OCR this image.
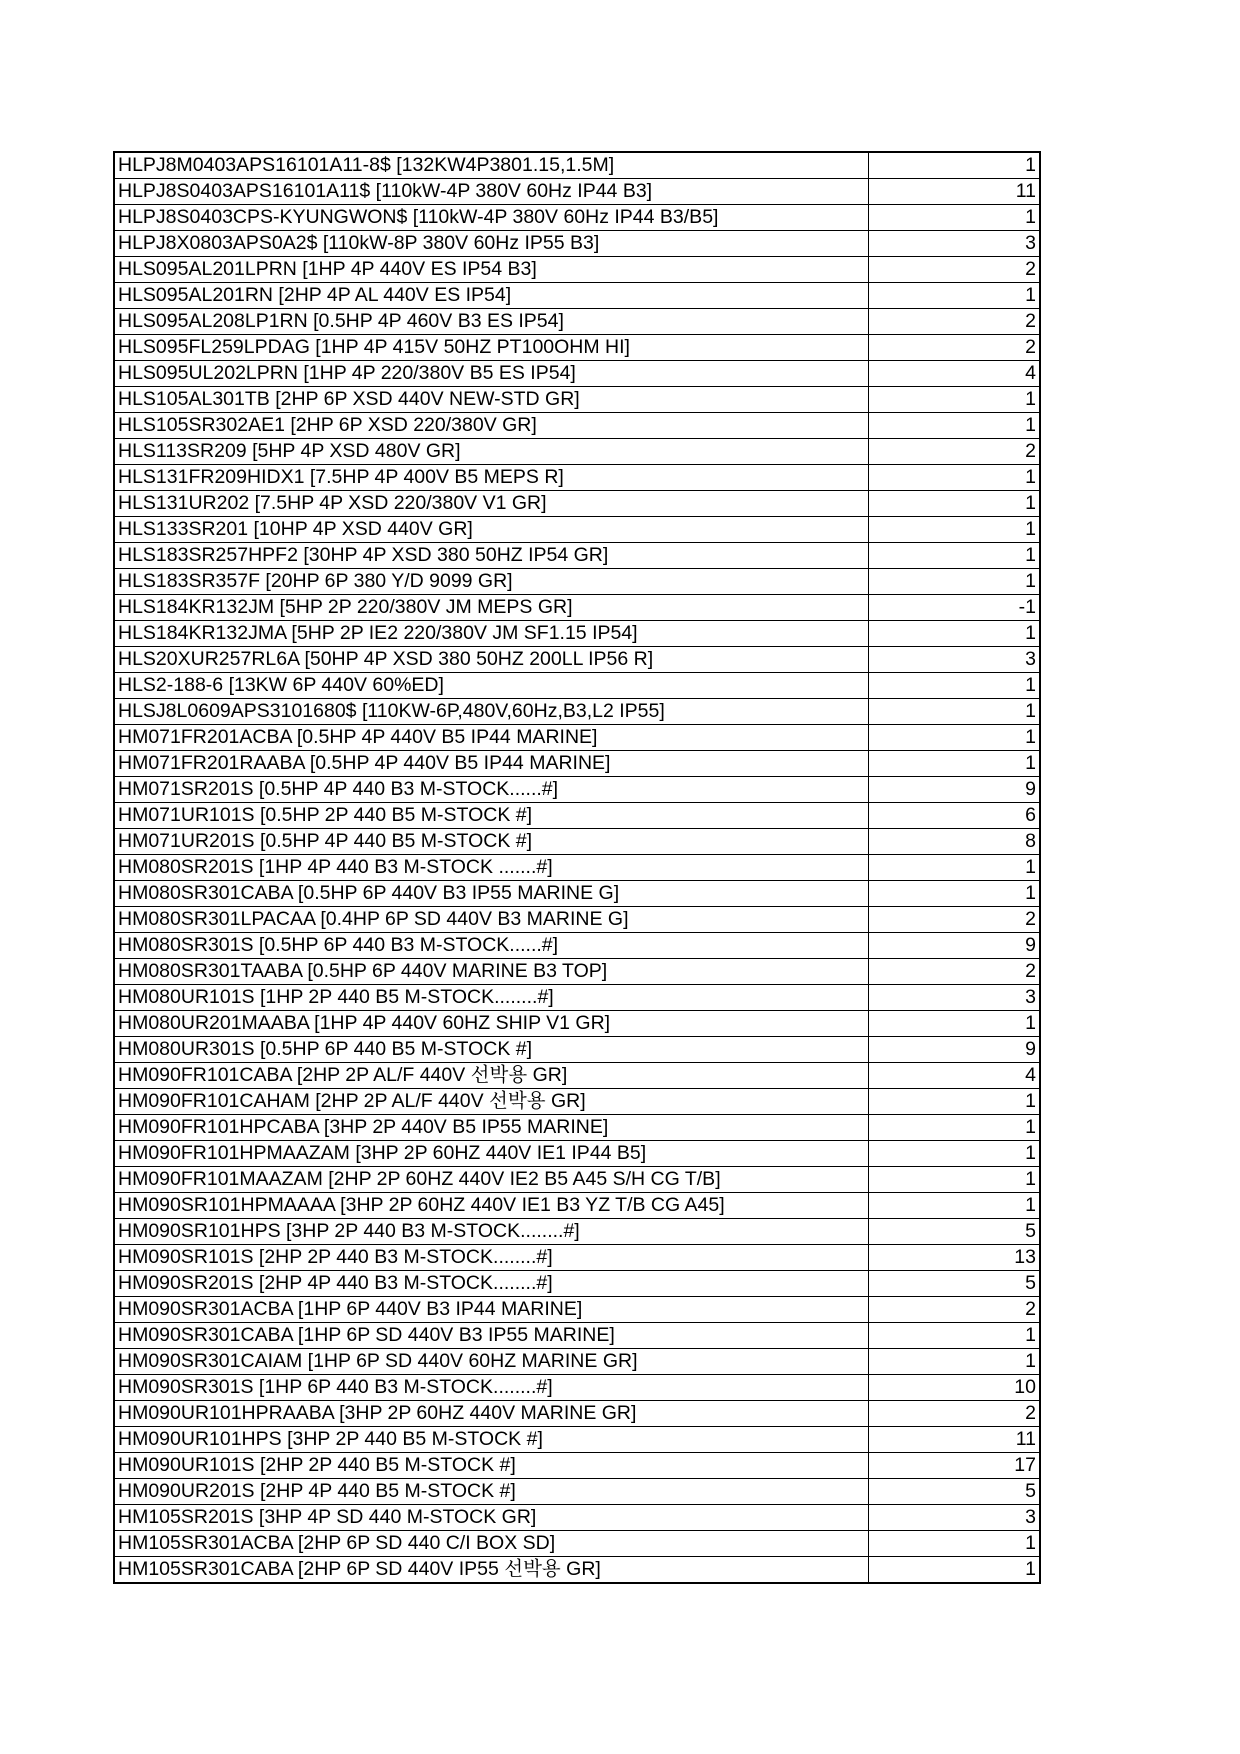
HLPJ8M0403APS16101A11-8$ [132KW4P3801.15,1.5M]	1
HLPJ8S0403APS16101A11$ [110kW-4P 380V 60Hz IP44 B3]	11
HLPJ8S0403CPS-KYUNGWON$ [110kW-4P 380V 60Hz IP44 B3/B5]	1
HLPJ8X0803APS0A2$ [110kW-8P 380V 60Hz IP55 B3]	3
HLS095AL201LPRN [1HP 4P 440V ES IP54 B3]	2
HLS095AL201RN [2HP 4P AL 440V ES IP54]	1
HLS095AL208LP1RN [0.5HP 4P 460V B3 ES IP54]	2
HLS095FL259LPDAG [1HP 4P 415V 50HZ PT100OHM HI]	2
HLS095UL202LPRN [1HP 4P 220/380V B5 ES IP54]	4
HLS105AL301TB [2HP 6P XSD 440V NEW-STD GR]	1
HLS105SR302AE1 [2HP 6P XSD 220/380V GR]	1
HLS113SR209 [5HP 4P XSD 480V GR]	2
HLS131FR209HIDX1 [7.5HP 4P 400V B5 MEPS R]	1
HLS131UR202 [7.5HP 4P XSD 220/380V V1 GR]	1
HLS133SR201 [10HP 4P XSD 440V GR]	1
HLS183SR257HPF2 [30HP 4P XSD 380 50HZ IP54 GR]	1
HLS183SR357F [20HP 6P 380 Y/D 9099 GR]	1
HLS184KR132JM [5HP 2P 220/380V JM MEPS GR]	-1
HLS184KR132JMA [5HP 2P IE2 220/380V JM SF1.15 IP54]	1
HLS20XUR257RL6A [50HP 4P XSD 380 50HZ 200LL IP56 R]	3
HLS2-188-6 [13KW 6P 440V 60%ED]	1
HLSJ8L0609APS3101680$ [110KW-6P,480V,60Hz,B3,L2 IP55]	1
HM071FR201ACBA [0.5HP 4P 440V B5 IP44 MARINE]	1
HM071FR201RAABA [0.5HP 4P 440V B5 IP44 MARINE]	1
HM071SR201S [0.5HP 4P 440 B3 M-STOCK......#]	9
HM071UR101S [0.5HP 2P 440 B5 M-STOCK #]	6
HM071UR201S [0.5HP 4P 440 B5 M-STOCK #]	8
HM080SR201S [1HP 4P 440 B3 M-STOCK .......#]	1
HM080SR301CABA [0.5HP 6P 440V B3 IP55 MARINE G]	1
HM080SR301LPACAA [0.4HP 6P SD 440V B3 MARINE G]	2
HM080SR301S [0.5HP 6P 440 B3 M-STOCK......#]	9
HM080SR301TAABA [0.5HP 6P 440V MARINE B3 TOP]	2
HM080UR101S [1HP 2P 440 B5 M-STOCK........#]	3
HM080UR201MAABA [1HP 4P 440V 60HZ SHIP V1 GR]	1
HM080UR301S [0.5HP 6P 440 B5 M-STOCK #]	9
HM090FR101CABA [2HP 2P AL/F 440V 선박용 GR]	4
HM090FR101CAHAM [2HP 2P AL/F 440V 선박용 GR]	1
HM090FR101HPCABA [3HP 2P 440V B5 IP55 MARINE]	1
HM090FR101HPMAAZAM [3HP 2P 60HZ 440V IE1 IP44 B5]	1
HM090FR101MAAZAM [2HP 2P 60HZ 440V IE2 B5 A45 S/H CG T/B]	1
HM090SR101HPMAAAA [3HP 2P 60HZ 440V IE1 B3 YZ T/B CG A45]	1
HM090SR101HPS [3HP 2P 440 B3 M-STOCK........#]	5
HM090SR101S [2HP 2P 440 B3 M-STOCK........#]	13
HM090SR201S [2HP 4P 440 B3 M-STOCK........#]	5
HM090SR301ACBA [1HP 6P 440V B3 IP44 MARINE]	2
HM090SR301CABA [1HP 6P SD 440V B3 IP55 MARINE]	1
HM090SR301CAIAM [1HP 6P SD 440V 60HZ MARINE GR]	1
HM090SR301S [1HP 6P 440 B3 M-STOCK........#]	10
HM090UR101HPRAABA [3HP 2P 60HZ 440V MARINE GR]	2
HM090UR101HPS [3HP 2P 440 B5 M-STOCK #]	11
HM090UR101S [2HP 2P 440 B5 M-STOCK #]	17
HM090UR201S [2HP 4P 440 B5 M-STOCK #]	5
HM105SR201S [3HP 4P SD 440 M-STOCK GR]	3
HM105SR301ACBA [2HP 6P SD 440 C/I BOX SD]	1
HM105SR301CABA [2HP 6P SD 440V IP55 선박용 GR]	1
